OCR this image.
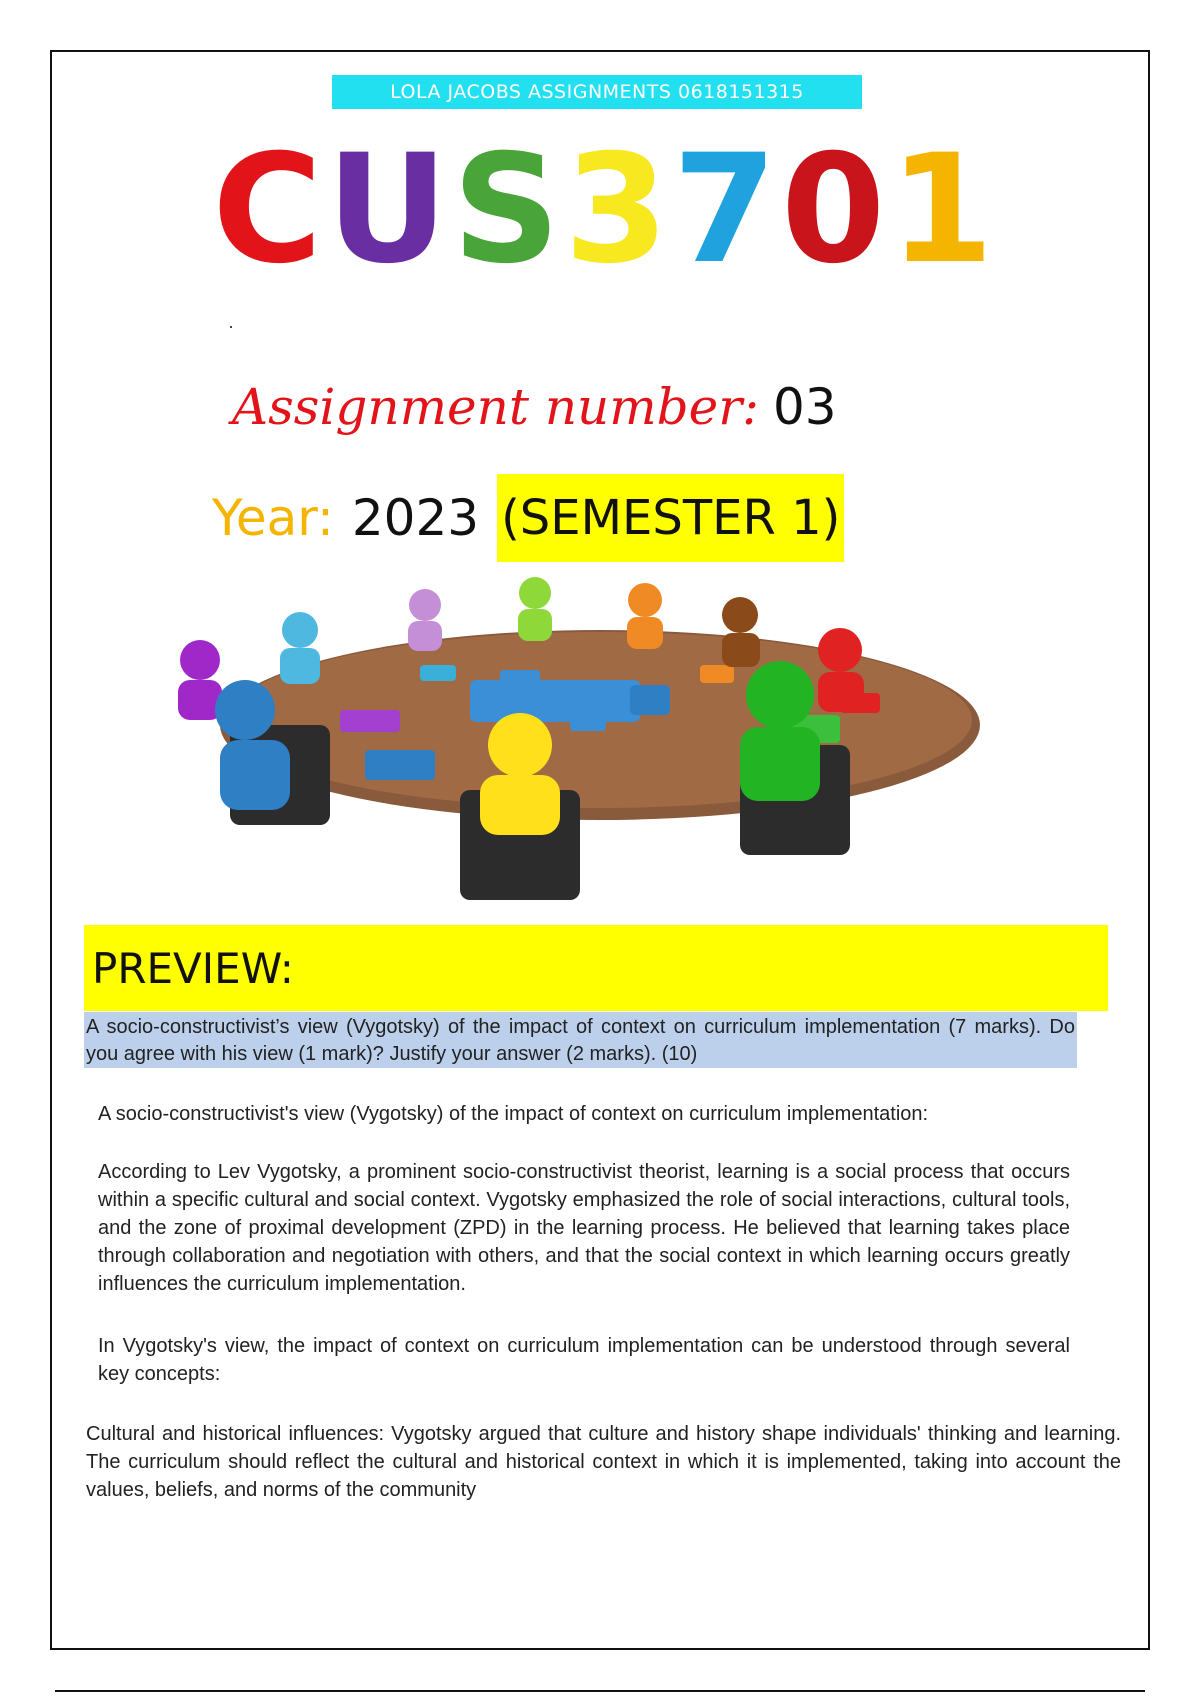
LOLA JACOBS ASSIGNMENTS 0618151315
C U S 3 7 0 1
Assignment number: 03
Year: 2023 (SEMESTER 1)
PREVIEW:
A socio-constructivist’s view (Vygotsky) of the impact of context on curriculum implementation (7 marks). Do you agree with his view (1 mark)? Justify your answer (2 marks). (10)
A socio-constructivist's view (Vygotsky) of the impact of context on curriculum implementation:
According to Lev Vygotsky, a prominent socio-constructivist theorist, learning is a social process that occurs within a specific cultural and social context. Vygotsky emphasized the role of social interactions, cultural tools, and the zone of proximal development (ZPD) in the learning process. He believed that learning takes place through collaboration and negotiation with others, and that the social context in which learning occurs greatly influences the curriculum implementation.
In Vygotsky's view, the impact of context on curriculum implementation can be understood through several key concepts:
Cultural and historical influences: Vygotsky argued that culture and history shape individuals' thinking and learning. The curriculum should reflect the cultural and historical context in which it is implemented, taking into account the values, beliefs, and norms of the community
